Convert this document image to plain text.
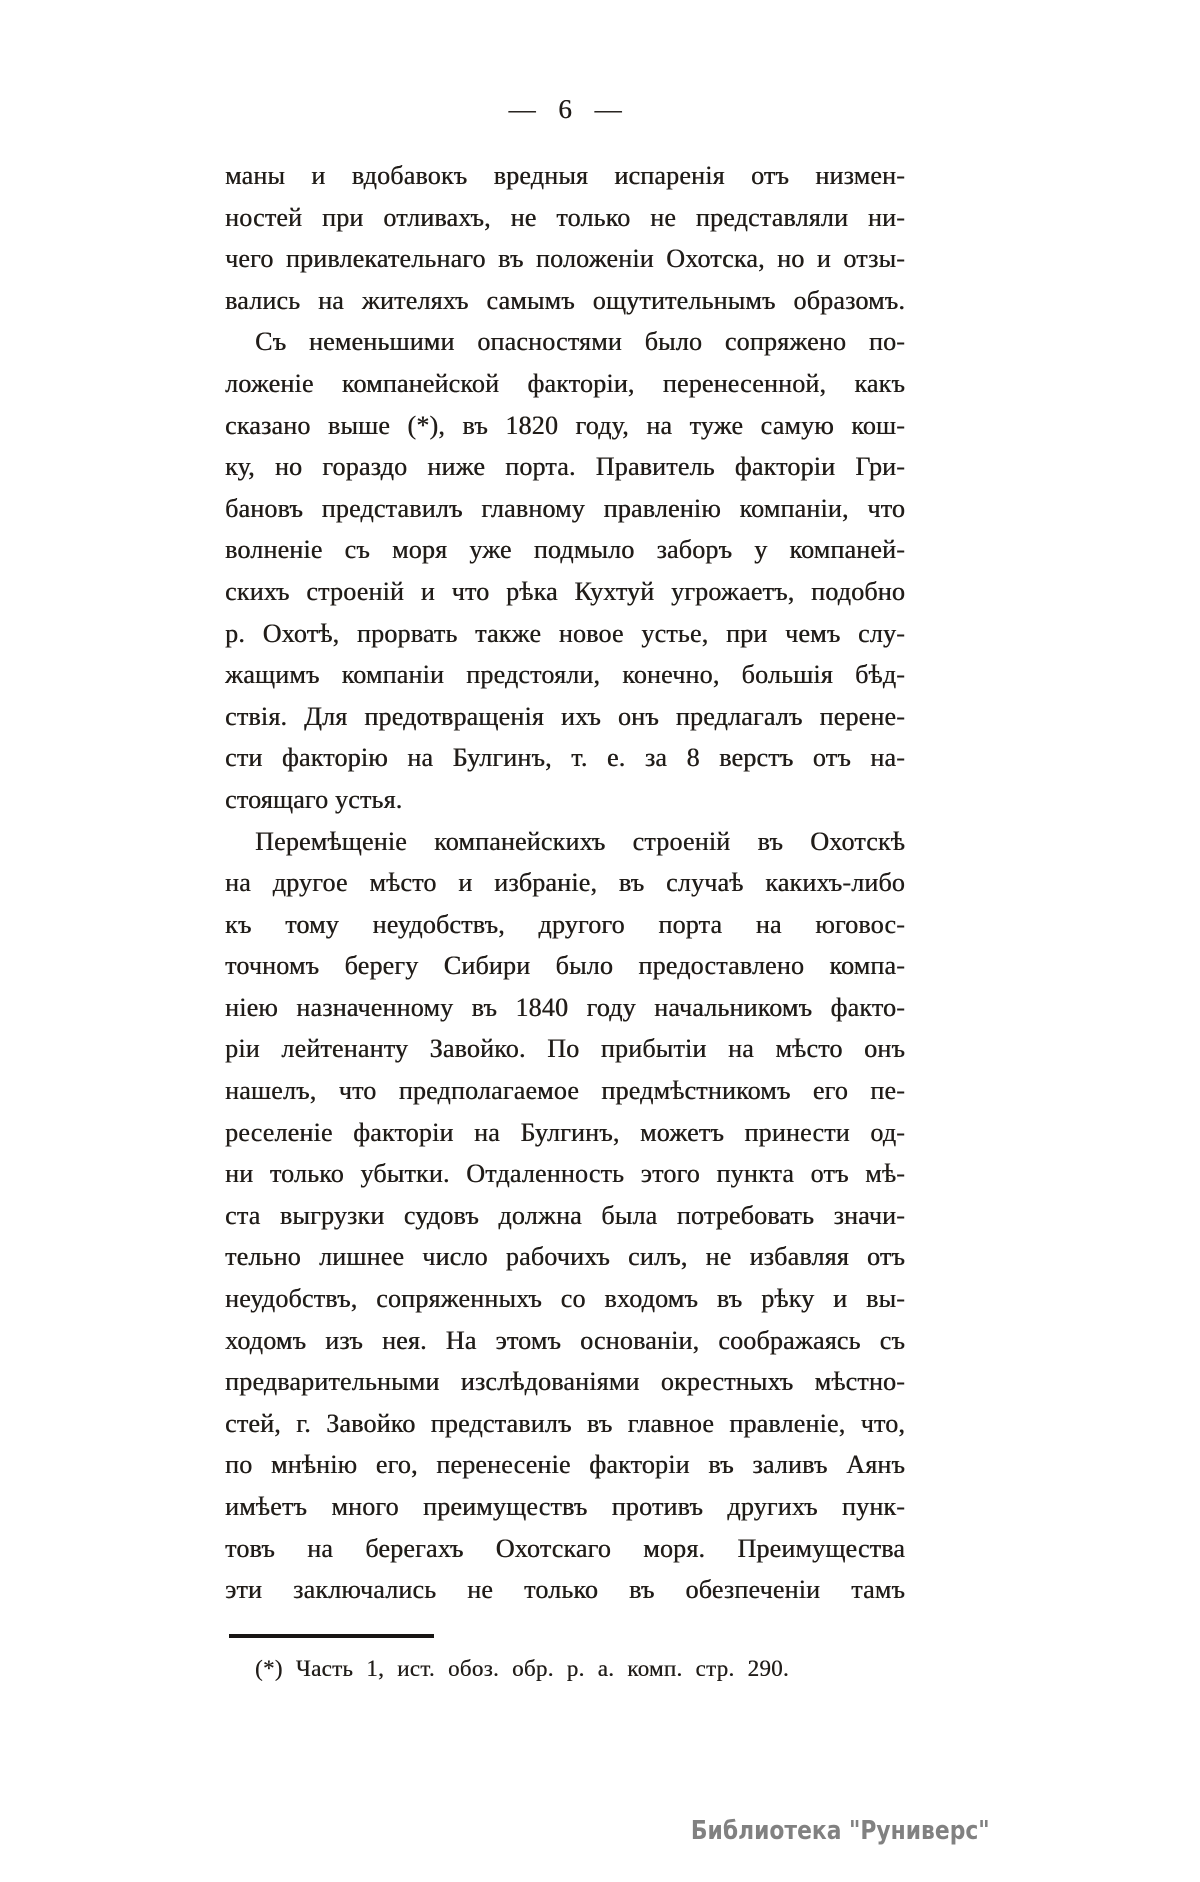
— 6 —
маны и вдобавокъ вредныя испаренія отъ низмен-
ностей при отливахъ, не только не представляли ни-
чего привлекательнаго въ положеніи Охотска, но и отзы-
вались на жителяхъ самымъ ощутительнымъ образомъ.
Съ неменьшими опасностями было сопряжено по-
ложеніе компанейской факторіи, перенесенной, какъ
сказано выше (*), въ 1820 году, на туже самую кош-
ку, но гораздо ниже порта. Правитель факторіи Гри-
бановъ представилъ главному правленію компаніи, что
волненіе съ моря уже подмыло заборъ у компаней-
скихъ строеній и что рѣка Кухтуй угрожаетъ, подобно
р. Охотѣ, прорвать также новое устье, при чемъ слу-
жащимъ компаніи предстояли, конечно, большія бѣд-
ствія. Для предотвращенія ихъ онъ предлагалъ перене-
сти факторію на Булгинъ, т. е. за 8 верстъ отъ на-
стоящаго устья.
Перемѣщеніе компанейскихъ строеній въ Охотскѣ
на другое мѣсто и избраніе, въ случаѣ какихъ-либо
къ тому неудобствъ, другого порта на юговос-
точномъ берегу Сибири было предоставлено компа-
ніею назначенному въ 1840 году начальникомъ факто-
ріи лейтенанту Завойко. По прибытіи на мѣсто онъ
нашелъ, что предполагаемое предмѣстникомъ его пе-
реселеніе факторіи на Булгинъ, можетъ принести од-
ни только убытки. Отдаленность этого пункта отъ мѣ-
ста выгрузки судовъ должна была потребовать значи-
тельно лишнее число рабочихъ силъ, не избавляя отъ
неудобствъ, сопряженныхъ со входомъ въ рѣку и вы-
ходомъ изъ нея. На этомъ основаніи, соображаясь съ
предварительными изслѣдованіями окрестныхъ мѣстно-
стей, г. Завойко представилъ въ главное правленіе, что,
по мнѣнію его, перенесеніе факторіи въ заливъ Аянъ
имѣетъ много преимуществъ противъ другихъ пунк-
товъ на берегахъ Охотскаго моря. Преимущества
эти заключались не только въ обезпеченіи тамъ
(*) Часть 1, ист. обоз. обр. р. а. комп. стр. 290.
Библиотека "Руниверс"
